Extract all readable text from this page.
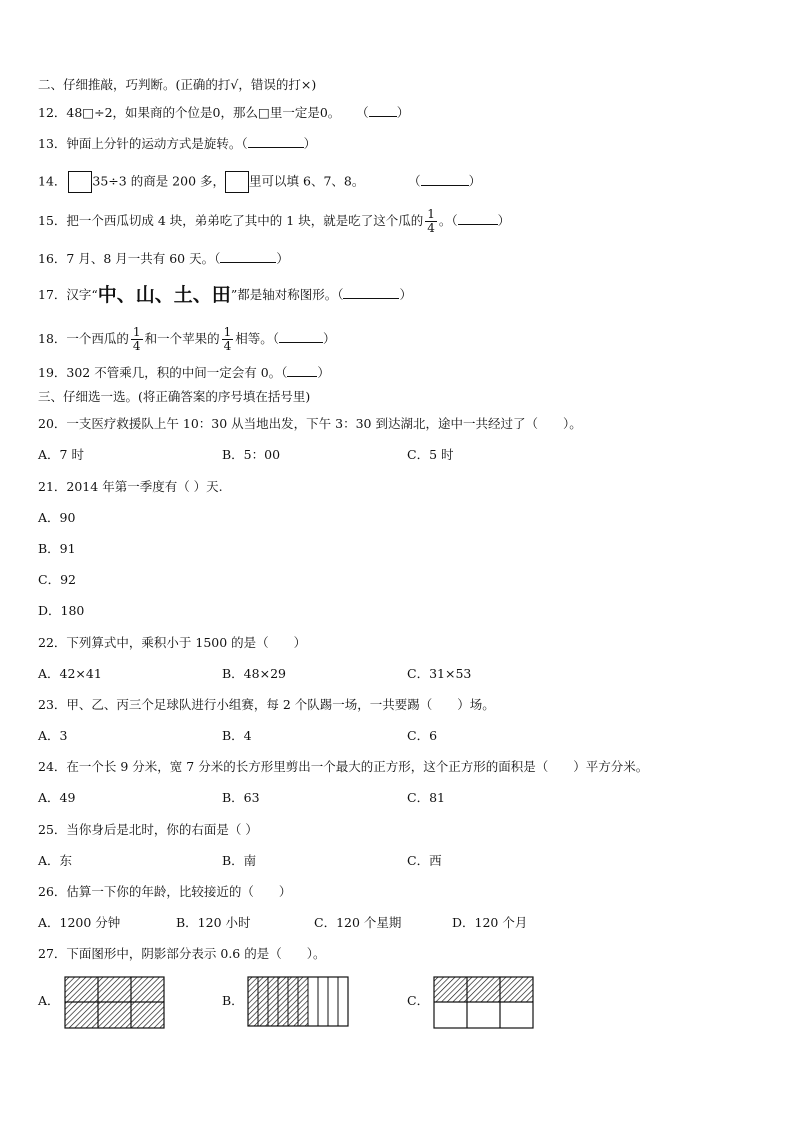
二、仔细推敲，巧判断。(正确的打√，错误的打×)
12．48□÷2，如果商的个位是0，那么□里一定是0。 （ ）
13．钟面上分针的运动方式是旋转。（	）
14． 35÷3 的商是 200 多， 里可以填 6、7、8。	（	）
15．把一个西瓜切成 4 块，弟弟吃了其中的 1 块，就是吃了这个瓜的 $\frac{1}{4}$ 。（	）
16．7 月、8 月一共有 60 天。（	）
17．汉字“中、山、土、田”都是轴对称图形。（	）
18．一个西瓜的 $\frac{1}{4}$ 和一个苹果的 $\frac{1}{4}$ 相等。（	）
19．302 不管乘几，积的中间一定会有 0。（ ）
三、仔细选一选。(将正确答案的序号填在括号里)
20．一支医疗救援队上午 10：30 从当地出发，下午 3：30 到达湖北，途中一共经过了（　　）。
A．7 时	B．5：00	C．5 时
21．2014 年第一季度有（ ）天.
A．90
B．91
C．92
D．180
22．下列算式中，乘积小于 1500 的是（　　）
A．42×41	B．48×29	C．31×53
23．甲、乙、丙三个足球队进行小组赛，每 2 个队踢一场，一共要踢（　　）场。
A．3	B．4	C．6
24．在一个长 9 分米，宽 7 分米的长方形里剪出一个最大的正方形，这个正方形的面积是（　　）平方分米。
A．49	B．63	C．81
25．当你身后是北时，你的右面是（ ）
A．东	B．南	C．西
26．估算一下你的年龄，比较接近的（　　）
A．1200 分钟	B．120 小时	C．120 个星期	D．120 个月
27．下面图形中，阴影部分表示 0.6 的是（　　）。
A．	B．	C．
